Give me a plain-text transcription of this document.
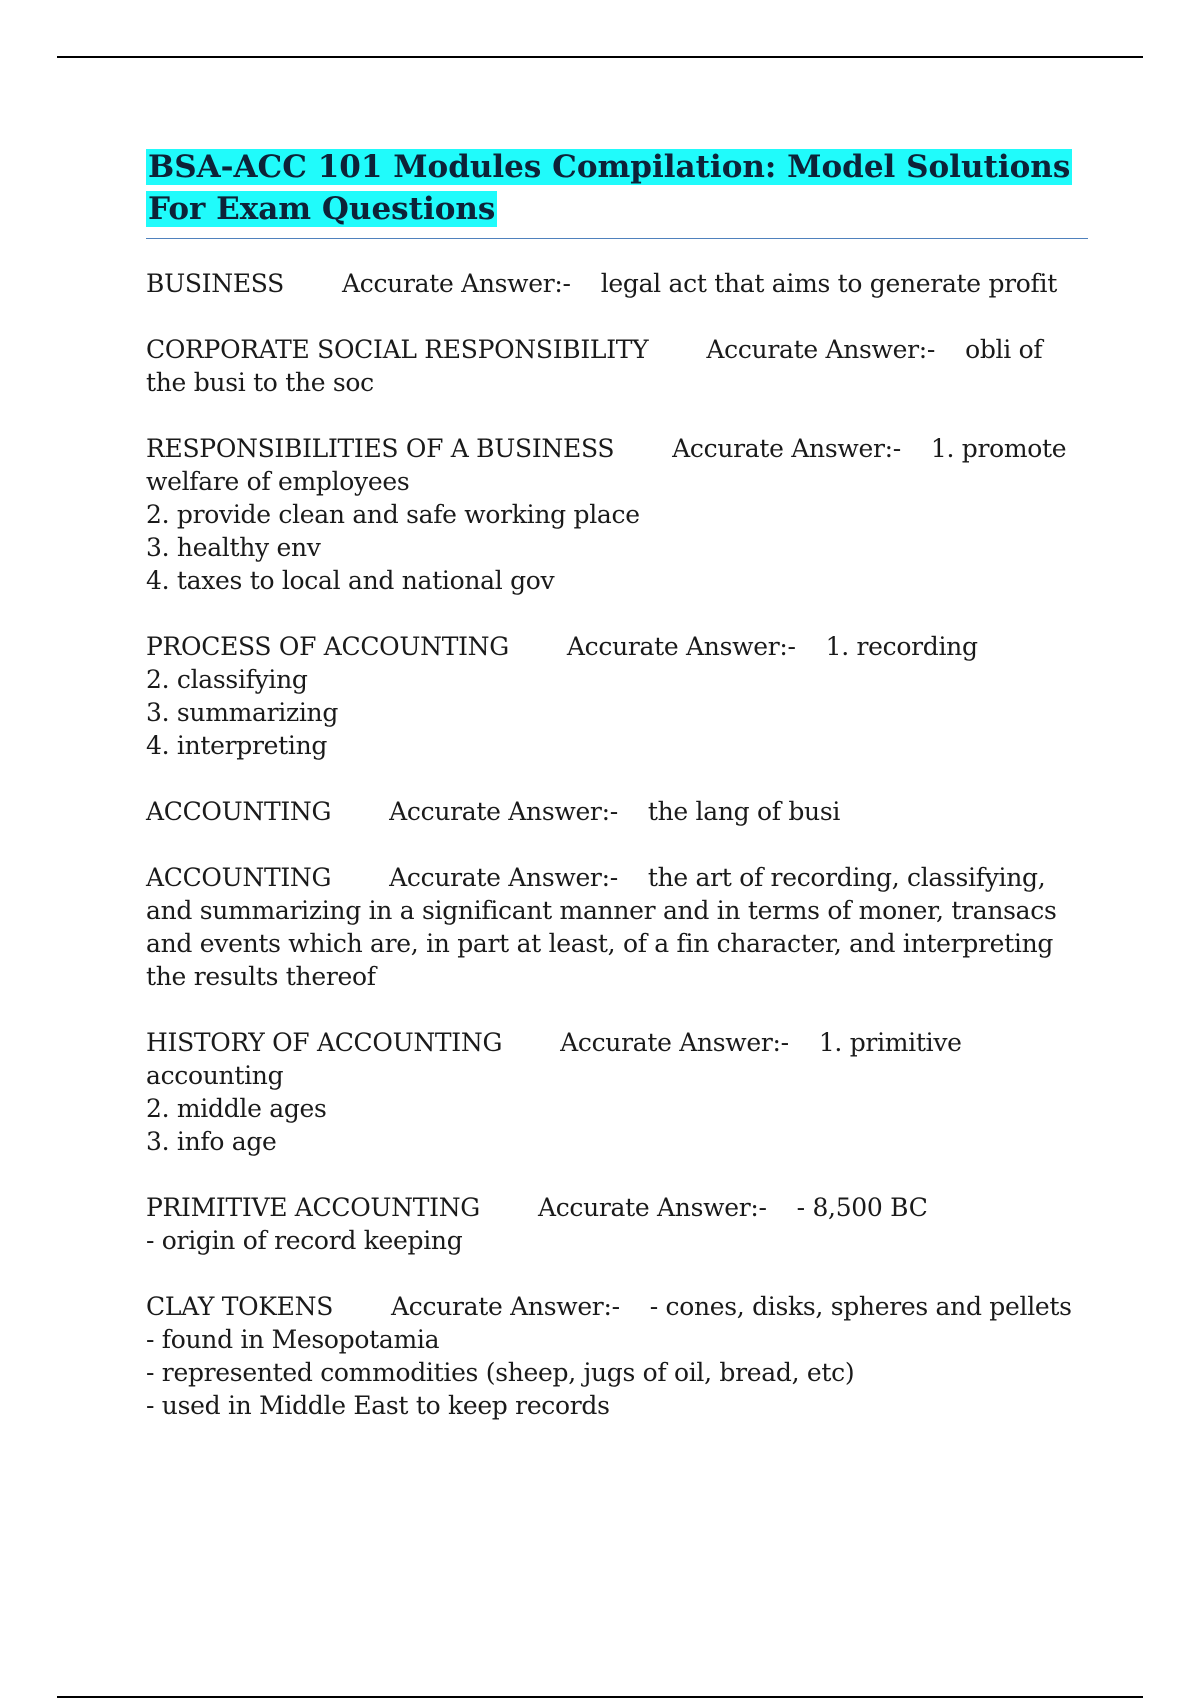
BSA-ACC 101 Modules Compilation: Model Solutions For Exam Questions
BUSINESS Accurate Answer:- legal act that aims to generate profit
CORPORATE SOCIAL RESPONSIBILITY Accurate Answer:- obli of the busi to the soc
RESPONSIBILITIES OF A BUSINESS Accurate Answer:- 1. promote welfare of employees
2. provide clean and safe working place
3. healthy env
4. taxes to local and national gov
PROCESS OF ACCOUNTING Accurate Answer:- 1. recording
2. classifying
3. summarizing
4. interpreting
ACCOUNTING Accurate Answer:- the lang of busi
ACCOUNTING Accurate Answer:- the art of recording, classifying, and summarizing in a significant manner and in terms of moner, transacs and events which are, in part at least, of a fin character, and interpreting the results thereof
HISTORY OF ACCOUNTING Accurate Answer:- 1. primitive accounting
2. middle ages
3. info age
PRIMITIVE ACCOUNTING Accurate Answer:- - 8,500 BC
- origin of record keeping
CLAY TOKENS Accurate Answer:- - cones, disks, spheres and pellets
- found in Mesopotamia
- represented commodities (sheep, jugs of oil, bread, etc)
- used in Middle East to keep records
